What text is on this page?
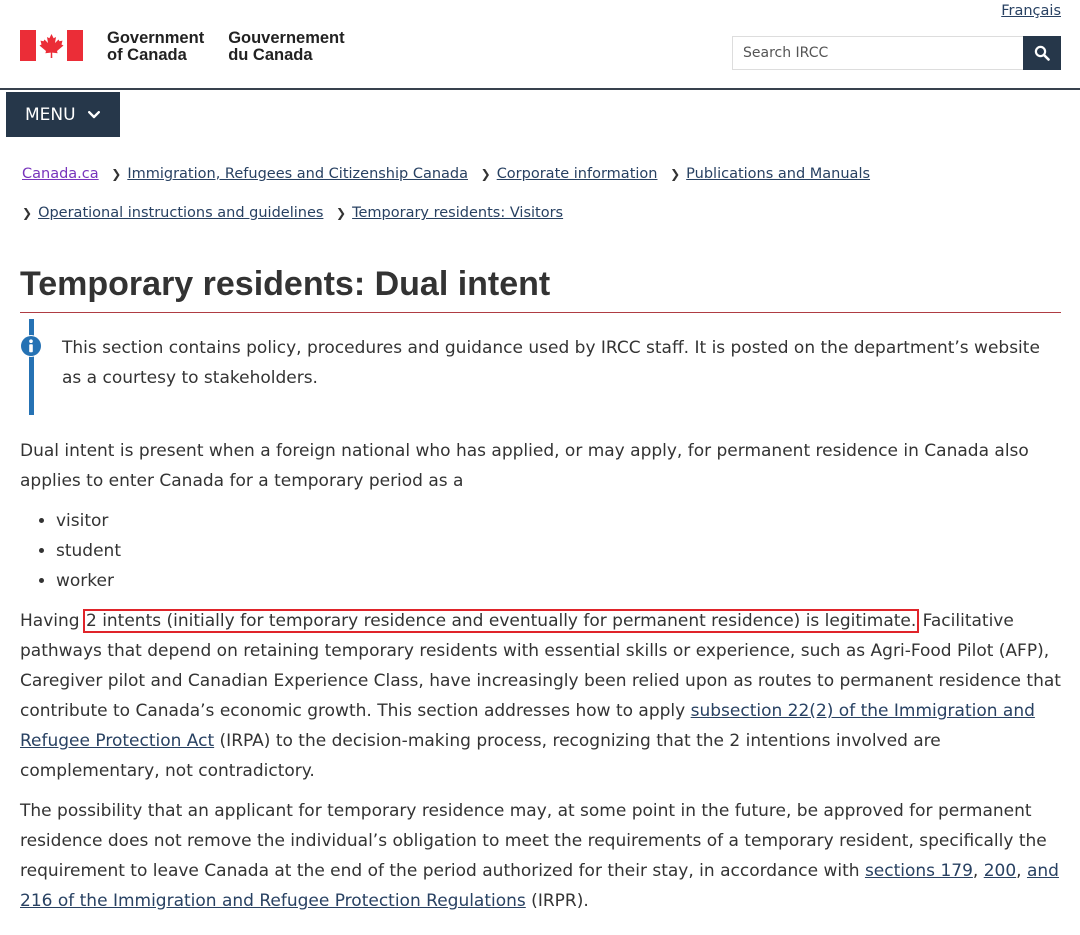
Français
Government
of Canada
Gouvernement
du Canada
Search IRCC
MENU
Canada.ca ❯ Immigration, Refugees and Citizenship Canada ❯ Corporate information ❯ Publications and Manuals
❯ Operational instructions and guidelines ❯ Temporary residents: Visitors
Temporary residents: Dual intent
This section contains policy, procedures and guidance used by IRCC staff. It is posted on the department’s website as a courtesy to stakeholders.

Dual intent is present when a foreign national who has applied, or may apply, for permanent residence in Canada also applies to enter Canada for a temporary period as a

• visitor
• student
• worker

Having 2 intents (initially for temporary residence and eventually for permanent residence) is legitimate. Facilitative pathways that depend on retaining temporary residents with essential skills or experience, such as Agri-Food Pilot (AFP), Caregiver pilot and Canadian Experience Class, have increasingly been relied upon as routes to permanent residence that contribute to Canada’s economic growth. This section addresses how to apply subsection 22(2) of the Immigration and Refugee Protection Act (IRPA) to the decision-making process, recognizing that the 2 intentions involved are complementary, not contradictory.

The possibility that an applicant for temporary residence may, at some point in the future, be approved for permanent residence does not remove the individual’s obligation to meet the requirements of a temporary resident, specifically the requirement to leave Canada at the end of the period authorized for their stay, in accordance with sections 179, 200, and 216 of the Immigration and Refugee Protection Regulations (IRPR).
